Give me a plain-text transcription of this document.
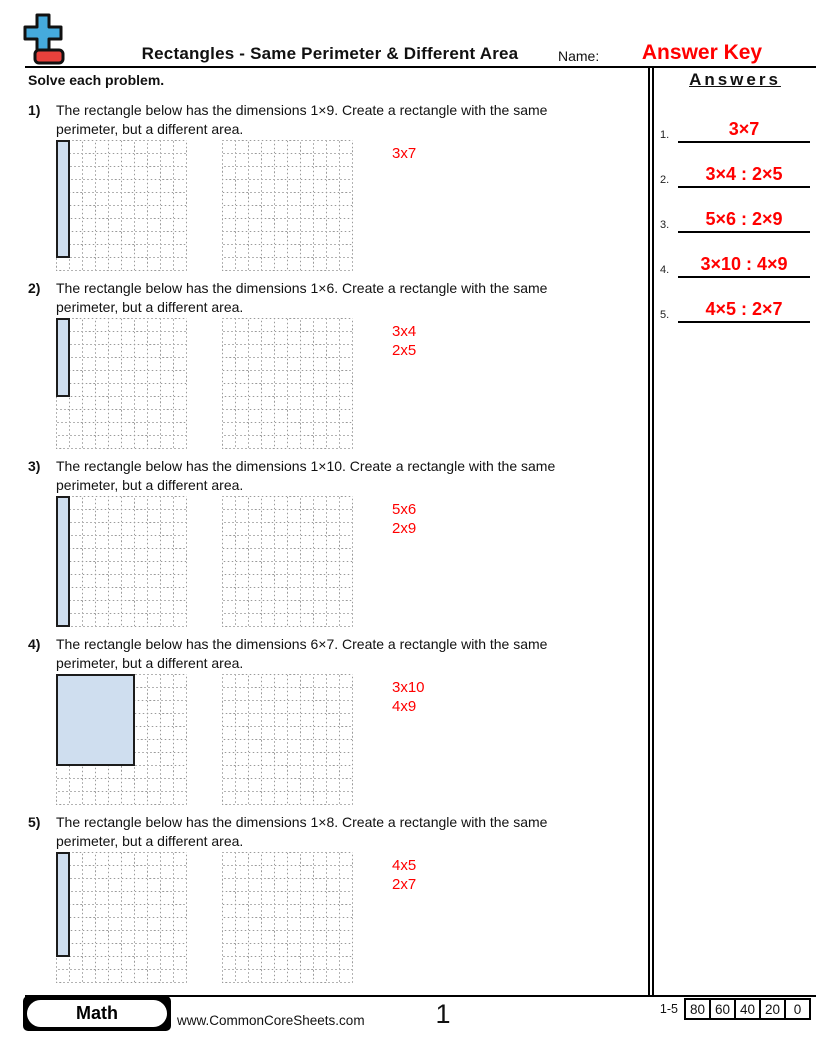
Rectangles - Same Perimeter & Different Area	Name:	Answer Key
Solve each problem.	Answers
1.	3×7
2.	3×4 : 2×5
3.	5×6 : 2×9
4.	3×10 : 4×9
5.	4×5 : 2×7
1)	The rectangle below has the dimensions 1×9. Create a rectangle with the same
perimeter, but a different area.
3x7
2)	The rectangle below has the dimensions 1×6. Create a rectangle with the same
perimeter, but a different area.
3x4
2x5
3)	The rectangle below has the dimensions 1×10. Create a rectangle with the same
perimeter, but a different area.
5x6
2x9
4)	The rectangle below has the dimensions 6×7. Create a rectangle with the same
perimeter, but a different area.
3x10
4x9
5)	The rectangle below has the dimensions 1×8. Create a rectangle with the same
perimeter, but a different area.
4x5
2x7
Math	www.CommonCoreSheets.com	1	1-5 80 60 40 20	0
